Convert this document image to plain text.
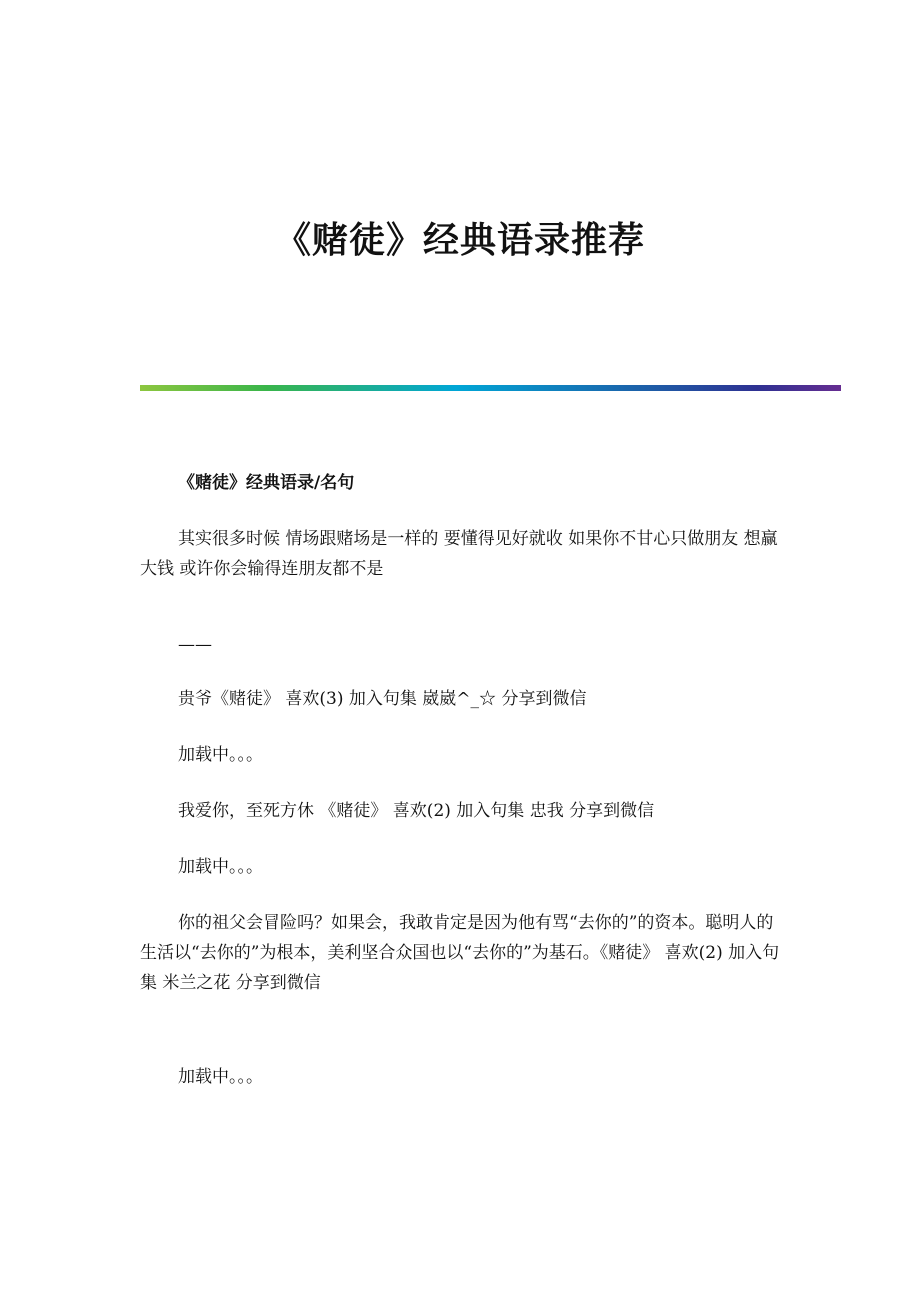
《赌徒》经典语录推荐

《赌徒》经典语录/名句

其实很多时候 情场跟赌场是一样的 要懂得见好就收 如果你不甘心只做朋友 想赢大钱 或许你会输得连朋友都不是

——

贵爷《赌徒》 喜欢(3) 加入句集 崴崴^_☆ 分享到微信

加载中。。。

我爱你，至死方休 《赌徒》 喜欢(2) 加入句集 忠我 分享到微信

加载中。。。

你的祖父会冒险吗？如果会，我敢肯定是因为他有骂“去你的”的资本。聪明人的生活以“去你的”为根本，美利坚合众国也以“去你的”为基石。《赌徒》 喜欢(2) 加入句集 米兰之花 分享到微信

加载中。。。
